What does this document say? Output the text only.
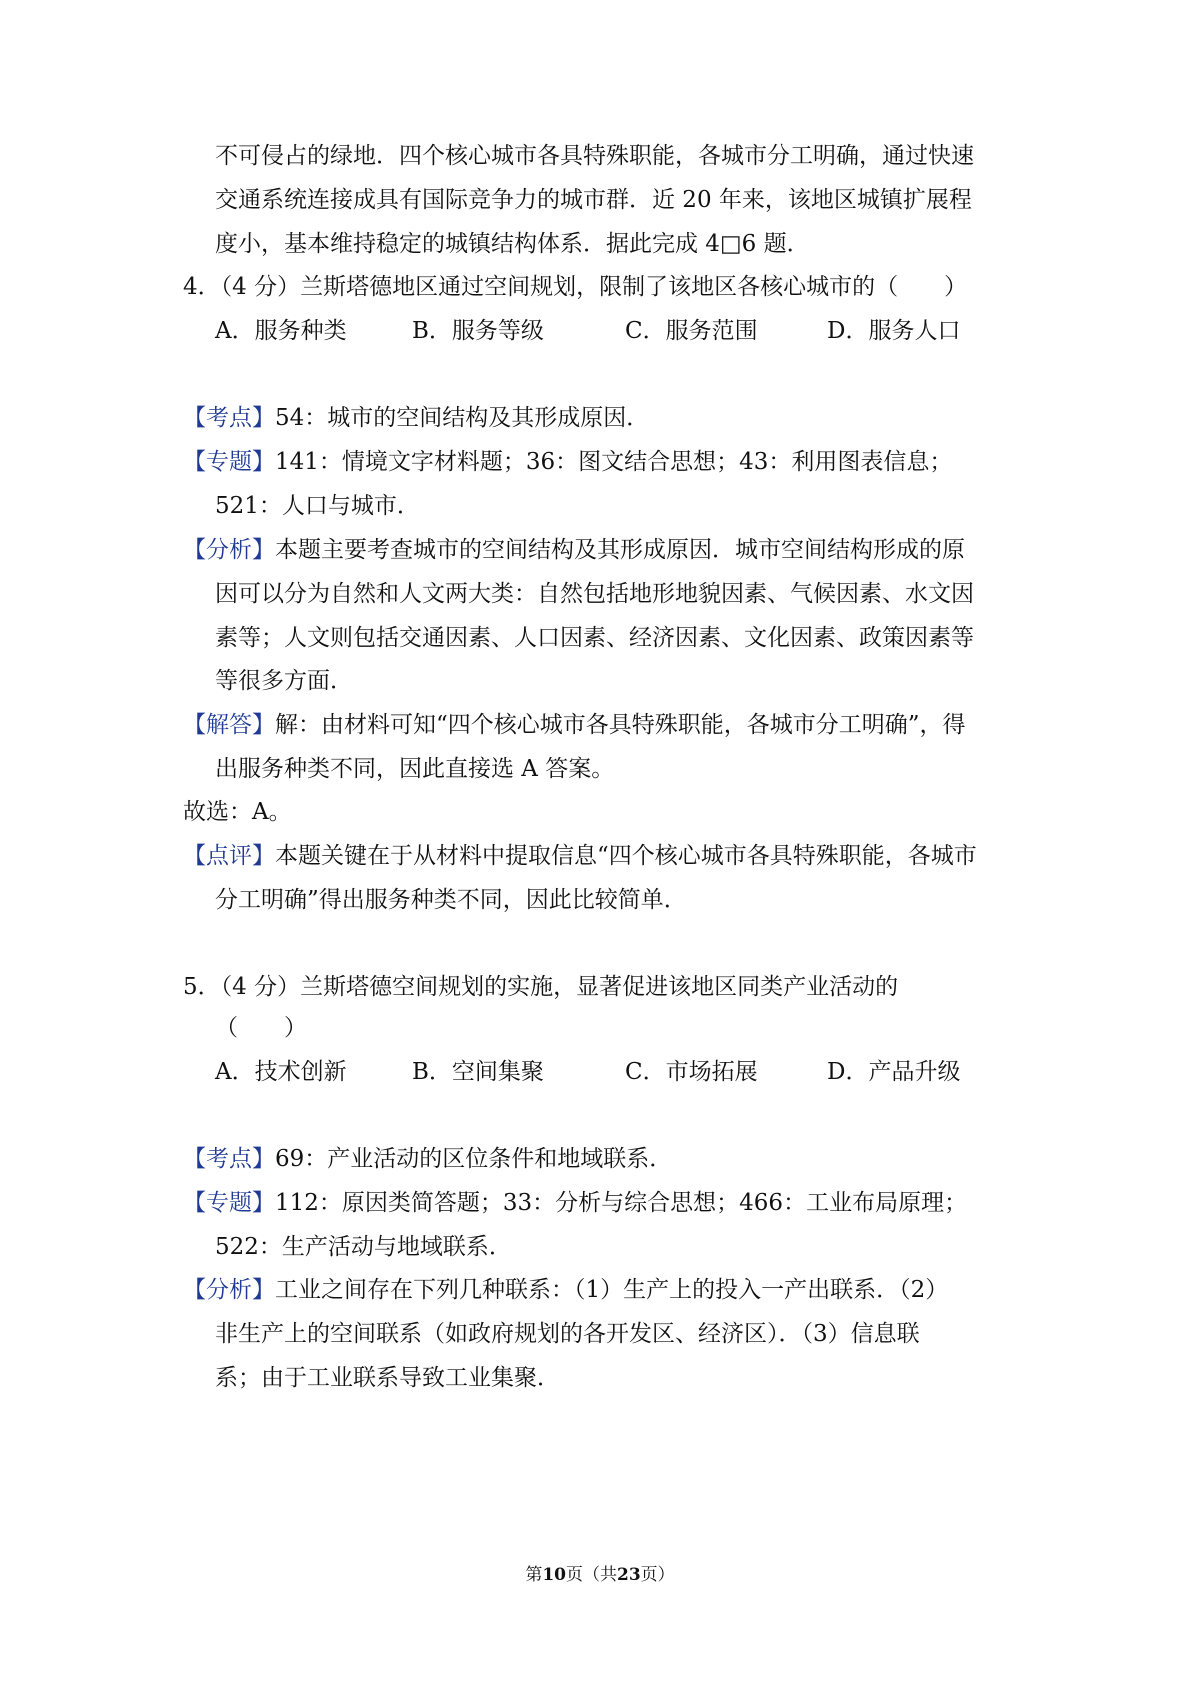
不可侵占的绿地．四个核心城市各具特殊职能，各城市分工明确，通过快速
交通系统连接成具有国际竞争力的城市群．近 20 年来，该地区城镇扩展程
度小，基本维持稳定的城镇结构体系．据此完成 4□6 题．
4．（4 分）兰斯塔德地区通过空间规划，限制了该地区各核心城市的（　　）
A．服务种类	B．服务等级	C．服务范围	D．服务人口
【考点】54：城市的空间结构及其形成原因．
【专题】141：情境文字材料题；36：图文结合思想；43：利用图表信息；
521：人口与城市．
【分析】本题主要考查城市的空间结构及其形成原因．城市空间结构形成的原
因可以分为自然和人文两大类：自然包括地形地貌因素、气候因素、水文因
素等；人文则包括交通因素、人口因素、经济因素、文化因素、政策因素等
等很多方面．
【解答】解：由材料可知“四个核心城市各具特殊职能，各城市分工明确”，得
出服务种类不同，因此直接选 A 答案。
故选：A。
【点评】本题关键在于从材料中提取信息“四个核心城市各具特殊职能，各城市
分工明确”得出服务种类不同，因此比较简单．
5．（4 分）兰斯塔德空间规划的实施，显著促进该地区同类产业活动的
（　　）
A．技术创新	B．空间集聚	C．市场拓展	D．产品升级
【考点】69：产业活动的区位条件和地域联系．
【专题】112：原因类简答题；33：分析与综合思想；466：工业布局原理；
522：生产活动与地域联系．
【分析】工业之间存在下列几种联系：（1）生产上的投入一产出联系．（2）
非生产上的空间联系（如政府规划的各开发区、经济区）．（3）信息联
系；由于工业联系导致工业集聚．
第10页（共23页）
